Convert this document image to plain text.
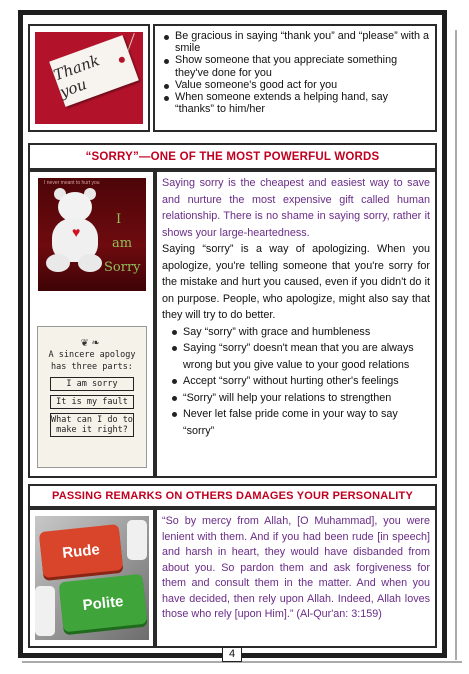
Thank you
Be gracious in saying “thank you” and “please” with a smile
Show someone that you appreciate something they've done for you
Value someone's good act for you
When someone extends a helping hand, say “thanks” to him/her
“SORRY”—ONE OF THE MOST POWERFUL WORDS
I never meant to hurt you
♥
I
am
Sorry
❦❧
A sincere apology
has three parts:
I am sorry
It is my fault
What can I do to
make it right?
Saying sorry is the cheapest and easiest way to save and nurture the most expensive gift called human relationship. There is no shame in saying sorry, rather it shows your large-heartedness.
Saying “sorry” is a way of apologizing. When you apologize, you're telling someone that you're sorry for the mistake and hurt you caused, even if you didn't do it on purpose. People, who apologize, might also say that they will try to do better.
Say “sorry” with grace and humbleness
Saying “sorry” doesn't mean that you are always wrong but you give value to your good relations
Accept “sorry” without hurting other's feelings
“Sorry” will help your relations to strengthen
Never let false pride come in your way to say “sorry”
PASSING REMARKS ON OTHERS DAMAGES YOUR PERSONALITY
Rude
Polite
“So by mercy from Allah, [O Muhammad], you were lenient with them. And if you had been rude [in speech] and harsh in heart, they would have disbanded from about you. So pardon them and ask forgiveness for them and consult them in the matter. And when you have decided, then rely upon Allah. Indeed, Allah loves those who rely [upon Him].” (Al-Qur'an: 3:159)
4
